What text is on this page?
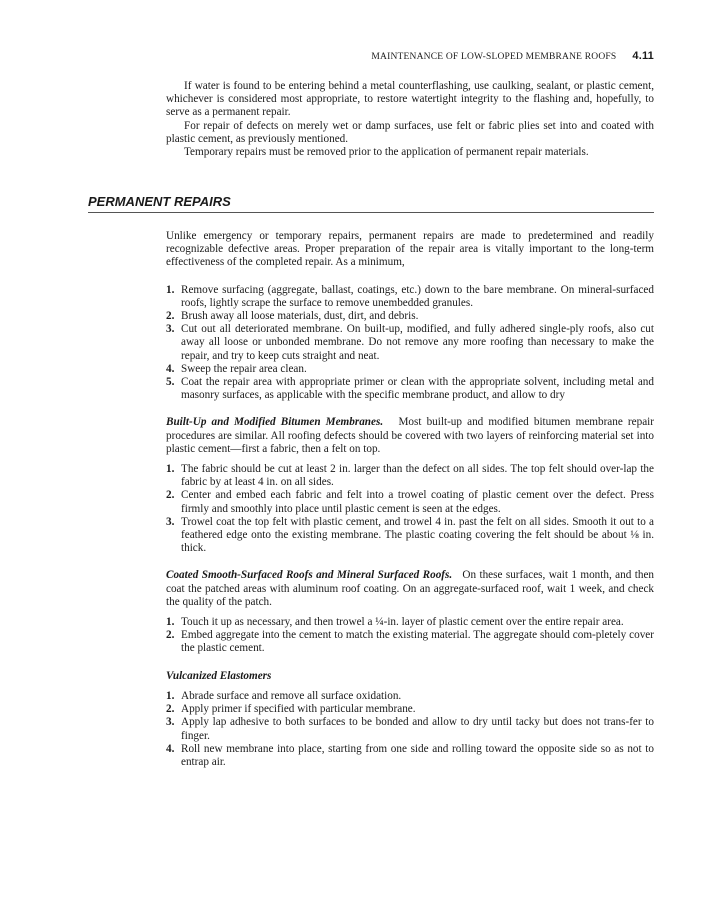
MAINTENANCE OF LOW-SLOPED MEMBRANE ROOFS 4.11

If water is found to be entering behind a metal counterflashing, use caulking, sealant, or plastic cement, whichever is considered most appropriate, to restore watertight integrity to the flashing and, hopefully, to serve as a permanent repair.

For repair of defects on merely wet or damp surfaces, use felt or fabric plies set into and coated with plastic cement, as previously mentioned.

Temporary repairs must be removed prior to the application of permanent repair materials.

PERMANENT REPAIRS

Unlike emergency or temporary repairs, permanent repairs are made to predetermined and readily recognizable defective areas. Proper preparation of the repair area is vitally important to the long-term effectiveness of the completed repair. As a minimum,

1. Remove surfacing (aggregate, ballast, coatings, etc.) down to the bare membrane. On mineral-surfaced roofs, lightly scrape the surface to remove unembedded granules.
2. Brush away all loose materials, dust, dirt, and debris.
3. Cut out all deteriorated membrane. On built-up, modified, and fully adhered single-ply roofs, also cut away all loose or unbonded membrane. Do not remove any more roofing than necessary to make the repair, and try to keep cuts straight and neat.
4. Sweep the repair area clean.
5. Coat the repair area with appropriate primer or clean with the appropriate solvent, including metal and masonry surfaces, as applicable with the specific membrane product, and allow to dry

Built-Up and Modified Bitumen Membranes. Most built-up and modified bitumen membrane repair procedures are similar. All roofing defects should be covered with two layers of reinforcing material set into plastic cement—first a fabric, then a felt on top.

1. The fabric should be cut at least 2 in. larger than the defect on all sides. The top felt should over-lap the fabric by at least 4 in. on all sides.
2. Center and embed each fabric and felt into a trowel coating of plastic cement over the defect. Press firmly and smoothly into place until plastic cement is seen at the edges.
3. Trowel coat the top felt with plastic cement, and trowel 4 in. past the felt on all sides. Smooth it out to a feathered edge onto the existing membrane. The plastic coating covering the felt should be about ⅛ in. thick.

Coated Smooth-Surfaced Roofs and Mineral Surfaced Roofs. On these surfaces, wait 1 month, and then coat the patched areas with aluminum roof coating. On an aggregate-surfaced roof, wait 1 week, and check the quality of the patch.

1. Touch it up as necessary, and then trowel a ¼-in. layer of plastic cement over the entire repair area.
2. Embed aggregate into the cement to match the existing material. The aggregate should com-pletely cover the plastic cement.

Vulcanized Elastomers

1. Abrade surface and remove all surface oxidation.
2. Apply primer if specified with particular membrane.
3. Apply lap adhesive to both surfaces to be bonded and allow to dry until tacky but does not trans-fer to finger.
4. Roll new membrane into place, starting from one side and rolling toward the opposite side so as not to entrap air.
